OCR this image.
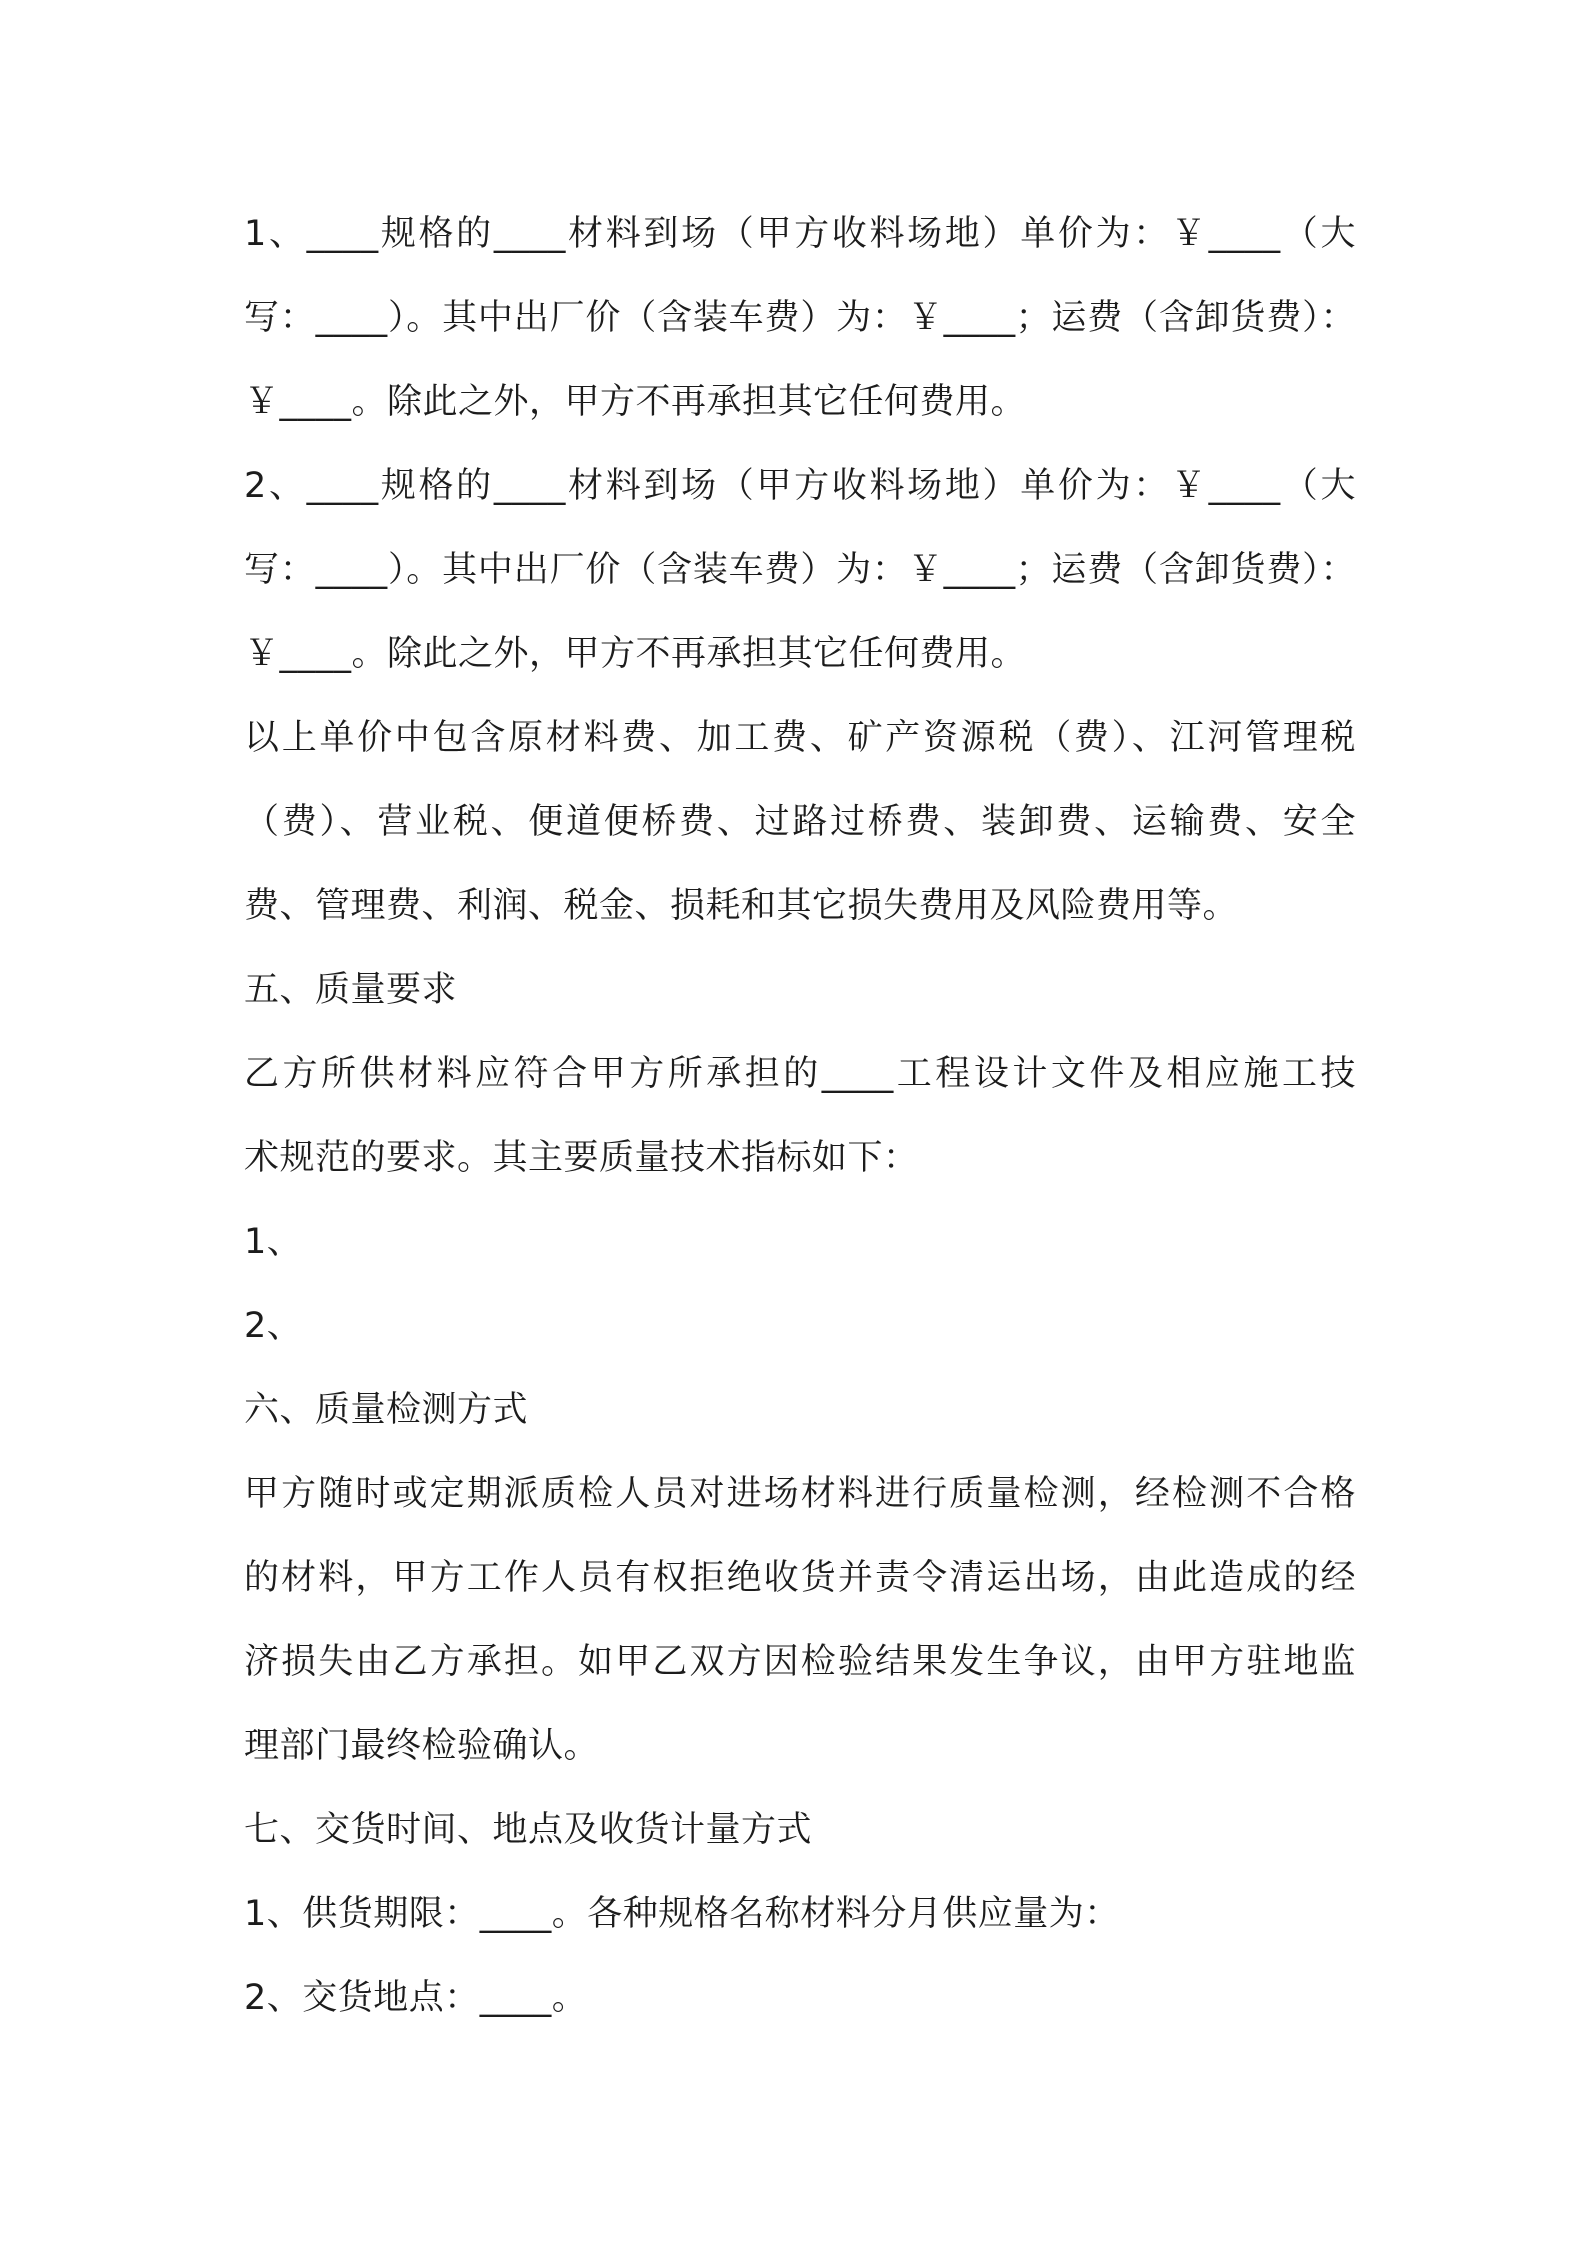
1、____规格的____材料到场（甲方收料场地）单价为：￥____（大
写：____）。其中出厂价（含装车费）为：￥____；运费（含卸货费）：
￥____。除此之外，甲方不再承担其它任何费用。
2、____规格的____材料到场（甲方收料场地）单价为：￥____（大
写：____）。其中出厂价（含装车费）为：￥____；运费（含卸货费）：
￥____。除此之外，甲方不再承担其它任何费用。
以上单价中包含原材料费、加工费、矿产资源税（费）、江河管理税
（费）、营业税、便道便桥费、过路过桥费、装卸费、运输费、安全
费、管理费、利润、税金、损耗和其它损失费用及风险费用等。
五、质量要求
乙方所供材料应符合甲方所承担的____工程设计文件及相应施工技
术规范的要求。其主要质量技术指标如下：
1、
2、
六、质量检测方式
甲方随时或定期派质检人员对进场材料进行质量检测，经检测不合格
的材料，甲方工作人员有权拒绝收货并责令清运出场，由此造成的经
济损失由乙方承担。如甲乙双方因检验结果发生争议，由甲方驻地监
理部门最终检验确认。
七、交货时间、地点及收货计量方式
1、供货期限：____。各种规格名称材料分月供应量为：
2、交货地点：____。
